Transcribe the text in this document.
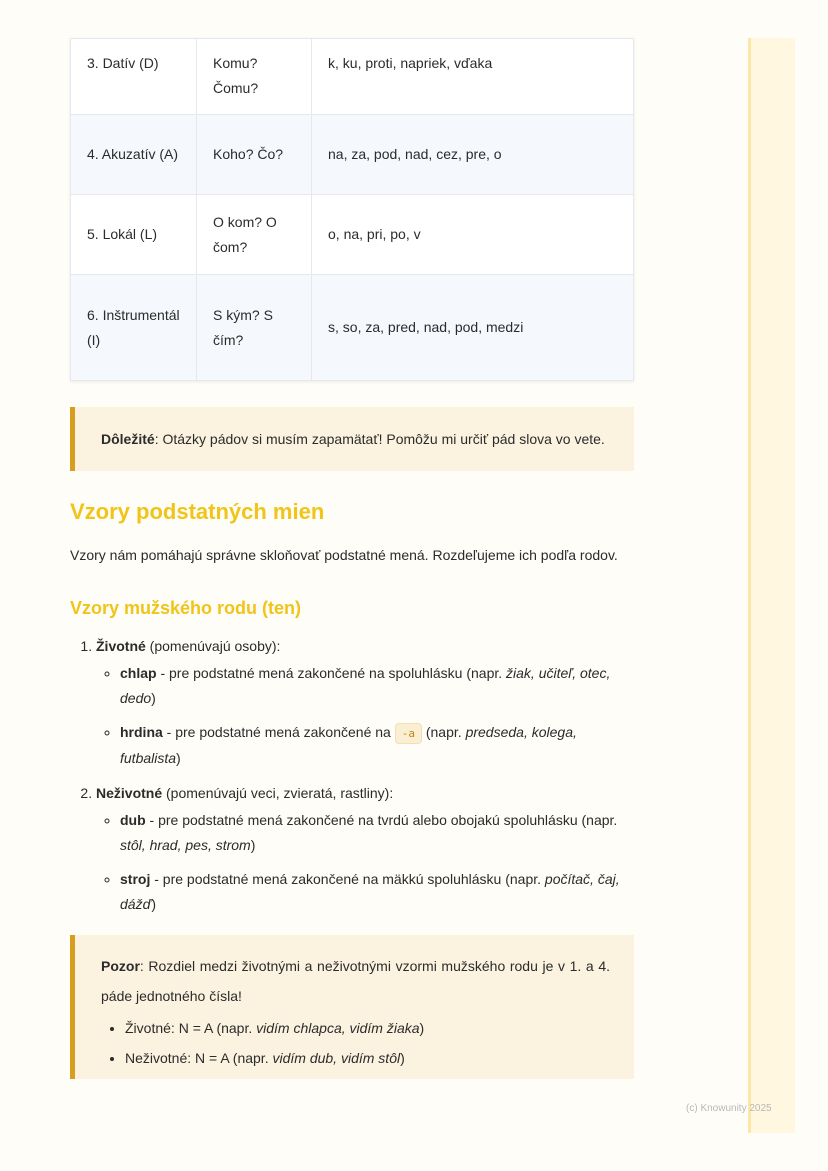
3. Datív (D)	Komu? Čomu?	k, ku, proti, napriek, vďaka
4. Akuzatív (A)	Koho? Čo?	na, za, pod, nad, cez, pre, o
5. Lokál (L)	O kom? O čom?	o, na, pri, po, v
6. Inštrumentál (I)	S kým? S čím?	s, so, za, pred, nad, pod, medzi
Dôležité: Otázky pádov si musím zapamätať! Pomôžu mi určiť pád slova vo vete.
Vzory podstatných mien

Vzory nám pomáhajú správne skloňovať podstatné mená. Rozdeľujeme ich podľa rodov.

Vzory mužského rodu (ten)
1. Životné (pomenúvajú osoby):
◦ chlap - pre podstatné mená zakončené na spoluhlásku (napr. žiak, učiteľ, otec, dedo)
◦ hrdina - pre podstatné mená zakončené na -a (napr. predseda, kolega, futbalista)
2. Neživotné (pomenúvajú veci, zvieratá, rastliny):
◦ dub - pre podstatné mená zakončené na tvrdú alebo obojakú spoluhlásku (napr. stôl, hrad, pes, strom)
◦ stroj - pre podstatné mená zakončené na mäkkú spoluhlásku (napr. počítač, čaj, dážď)
Pozor: Rozdiel medzi životnými a neživotnými vzormi mužského rodu je v 1. a 4. páde jednotného čísla!
• Životné: N = A (napr. vidím chlapca, vidím žiaka)
• Neživotné: N = A (napr. vidím dub, vidím stôl)
(c) Knowunity 2025
